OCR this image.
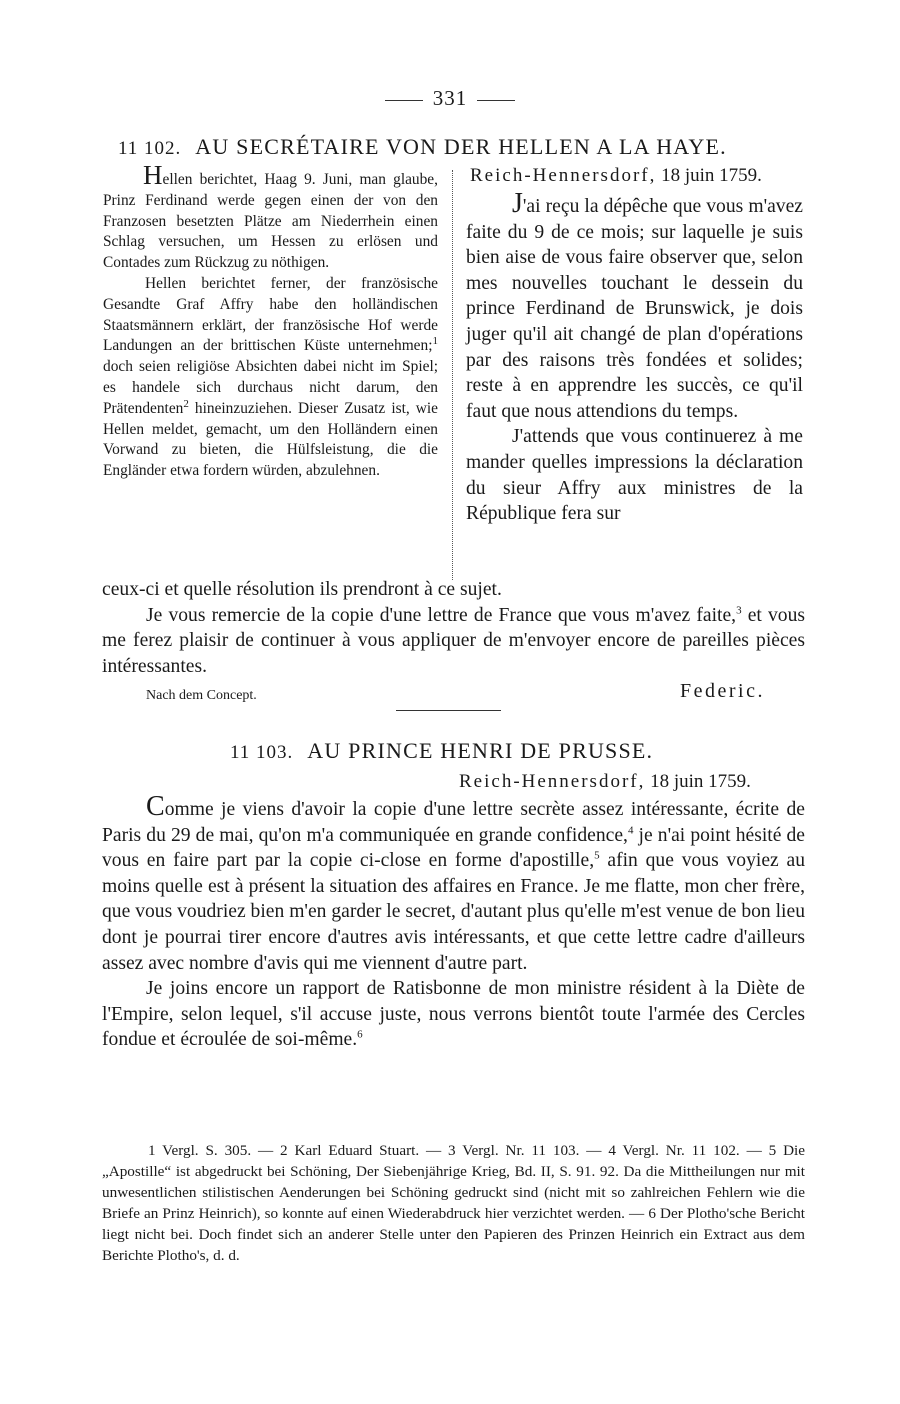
331
11 102. AU SECRÉTAIRE VON DER HELLEN A LA HAYE.

Hellen berichtet, Haag 9. Juni, man glaube, Prinz Ferdinand werde gegen einen der von den Franzosen besetzten Plätze am Niederrhein einen Schlag versuchen, um Hessen zu erlösen und Contades zum Rückzug zu nöthigen.

Hellen berichtet ferner, der französische Gesandte Graf Affry habe den holländischen Staatsmännern erklärt, der französische Hof werde Landungen an der brittischen Küste unternehmen;$^1$ doch seien religiöse Absichten dabei nicht im Spiel; es handele sich durchaus nicht darum, den Prätendenten$^2$ hineinzuziehen. Dieser Zusatz ist, wie Hellen meldet, gemacht, um den Holländern einen Vorwand zu bieten, die Hülfsleistung, die die Engländer etwa fordern würden, abzulehnen.

Reich-Hennersdorf, 18 juin 1759.

J'ai reçu la dépêche que vous m'avez faite du 9 de ce mois; sur laquelle je suis bien aise de vous faire observer que, selon mes nouvelles touchant le dessein du prince Ferdinand de Brunswick, je dois juger qu'il ait changé de plan d'opérations par des raisons très fondées et solides; reste à en apprendre les succès, ce qu'il faut que nous attendions du temps.

J'attends que vous continuerez à me mander quelles impressions la déclaration du sieur Affry aux ministres de la République fera sur

ceux-ci et quelle résolution ils prendront à ce sujet.

Je vous remercie de la copie d'une lettre de France que vous m'avez faite,$^3$ et vous me ferez plaisir de continuer à vous appliquer de m'envoyer encore de pareilles pièces intéressantes.

Nach dem Concept.	Federic.
11 103. AU PRINCE HENRI DE PRUSSE.
Reich-Hennersdorf, 18 juin 1759.

Comme je viens d'avoir la copie d'une lettre secrète assez intéressante, écrite de Paris du 29 de mai, qu'on m'a communiquée en grande confidence,$^4$ je n'ai point hésité de vous en faire part par la copie ci-close en forme d'apostille,$^5$ afin que vous voyiez au moins quelle est à présent la situation des affaires en France. Je me flatte, mon cher frère, que vous voudriez bien m'en garder le secret, d'autant plus qu'elle m'est venue de bon lieu dont je pourrai tirer encore d'autres avis intéressants, et que cette lettre cadre d'ailleurs assez avec nombre d'avis qui me viennent d'autre part.

Je joins encore un rapport de Ratisbonne de mon ministre résident à la Diète de l'Empire, selon lequel, s'il accuse juste, nous verrons bientôt toute l'armée des Cercles fondue et écroulée de soi-même.$^6$

1 Vergl. S. 305. — 2 Karl Eduard Stuart. — 3 Vergl. Nr. 11 103. — 4 Vergl. Nr. 11 102. — 5 Die „Apostille“ ist abgedruckt bei Schöning, Der Siebenjährige Krieg, Bd. II, S. 91. 92. Da die Mittheilungen nur mit unwesentlichen stilistischen Aenderungen bei Schöning gedruckt sind (nicht mit so zahlreichen Fehlern wie die Briefe an Prinz Heinrich), so konnte auf einen Wiederabdruck hier verzichtet werden. — 6 Der Plotho'sche Bericht liegt nicht bei. Doch findet sich an anderer Stelle unter den Papieren des Prinzen Heinrich ein Extract aus dem Berichte Plotho's, d. d.
